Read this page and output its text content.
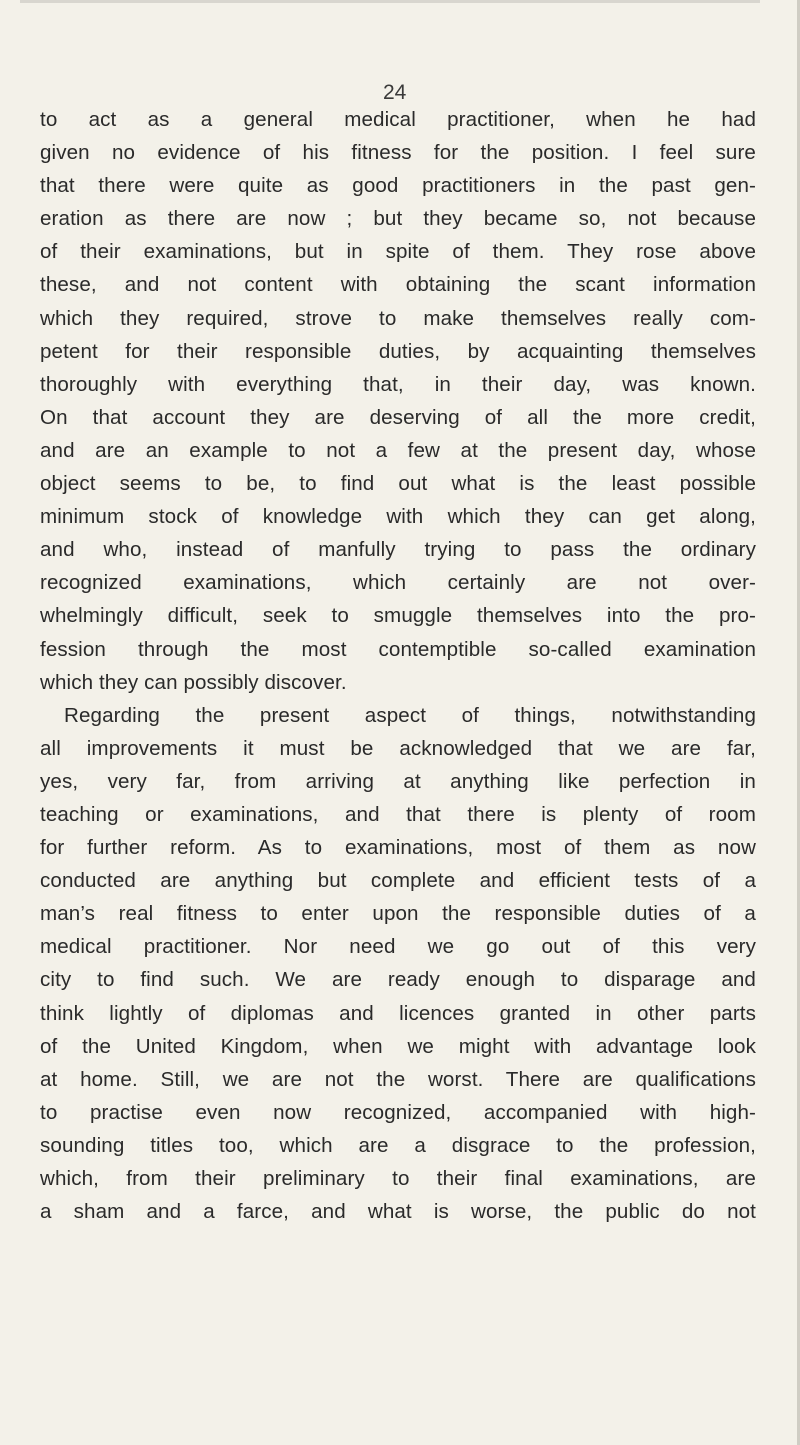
24
to act as a general medical practitioner, when he had
given no evidence of his fitness for the position. I feel sure
that there were quite as good practitioners in the past gen-
eration as there are now ; but they became so, not because
of their examinations, but in spite of them. They rose above
these, and not content with obtaining the scant information
which they required, strove to make themselves really com-
petent for their responsible duties, by acquainting themselves
thoroughly with everything that, in their day, was known.
On that account they are deserving of all the more credit,
and are an example to not a few at the present day, whose
object seems to be, to find out what is the least possible
minimum stock of knowledge with which they can get along,
and who, instead of manfully trying to pass the ordinary
recognized examinations, which certainly are not over-
whelmingly difficult, seek to smuggle themselves into the pro-
fession through the most contemptible so-called examination
which they can possibly discover.
Regarding the present aspect of things, notwithstanding
all improvements it must be acknowledged that we are far,
yes, very far, from arriving at anything like perfection in
teaching or examinations, and that there is plenty of room
for further reform. As to examinations, most of them as now
conducted are anything but complete and efficient tests of a
man’s real fitness to enter upon the responsible duties of a
medical practitioner. Nor need we go out of this very
city to find such. We are ready enough to disparage and
think lightly of diplomas and licences granted in other parts
of the United Kingdom, when we might with advantage look
at home. Still, we are not the worst. There are qualifications
to practise even now recognized, accompanied with high-
sounding titles too, which are a disgrace to the profession,
which, from their preliminary to their final examinations, are
a sham and a farce, and what is worse, the public do not
